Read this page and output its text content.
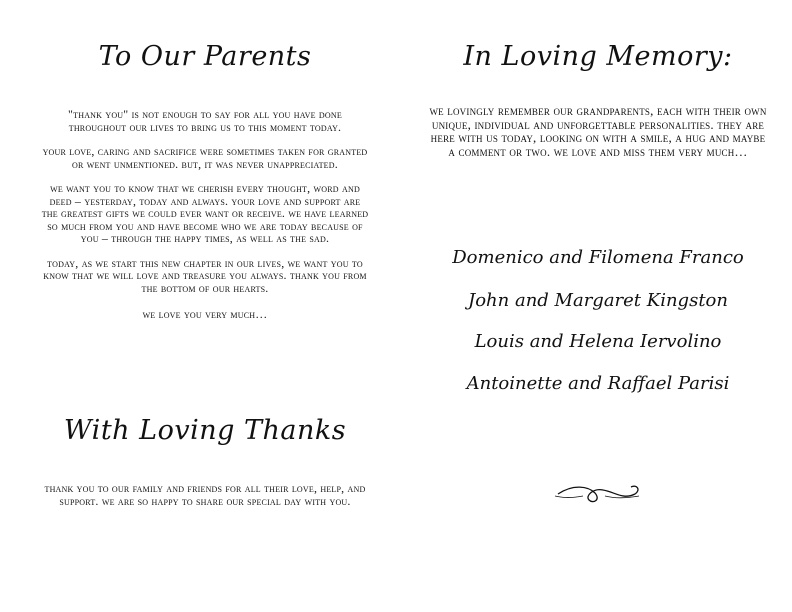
To Our Parents

"thank you" is not enough to say for all you have done throughout our lives to bring us to this moment today.

your love, caring and sacrifice were sometimes taken for granted or went unmentioned. but, it was never unappreciated.

we want you to know that we cherish every thought, word and deed – yesterday, today and always. your love and support are the greatest gifts we could ever want or receive. we have learned so much from you and have become who we are today because of you – through the happy times, as well as the sad.

today, as we start this new chapter in our lives, we want you to know that we will love and treasure you always. thank you from the bottom of our hearts.

we love you very much…

With Loving Thanks

thank you to our family and friends for all their love, help, and support. we are so happy to share our special day with you.

In Loving Memory:

we lovingly remember our grandparents, each with their own unique, individual and unforgettable personalities. they are here with us today, looking on with a smile, a hug and maybe a comment or two. we love and miss them very much…

Domenico and Filomena Franco

John and Margaret Kingston

Louis and Helena Iervolino

Antoinette and Raffael Parisi
